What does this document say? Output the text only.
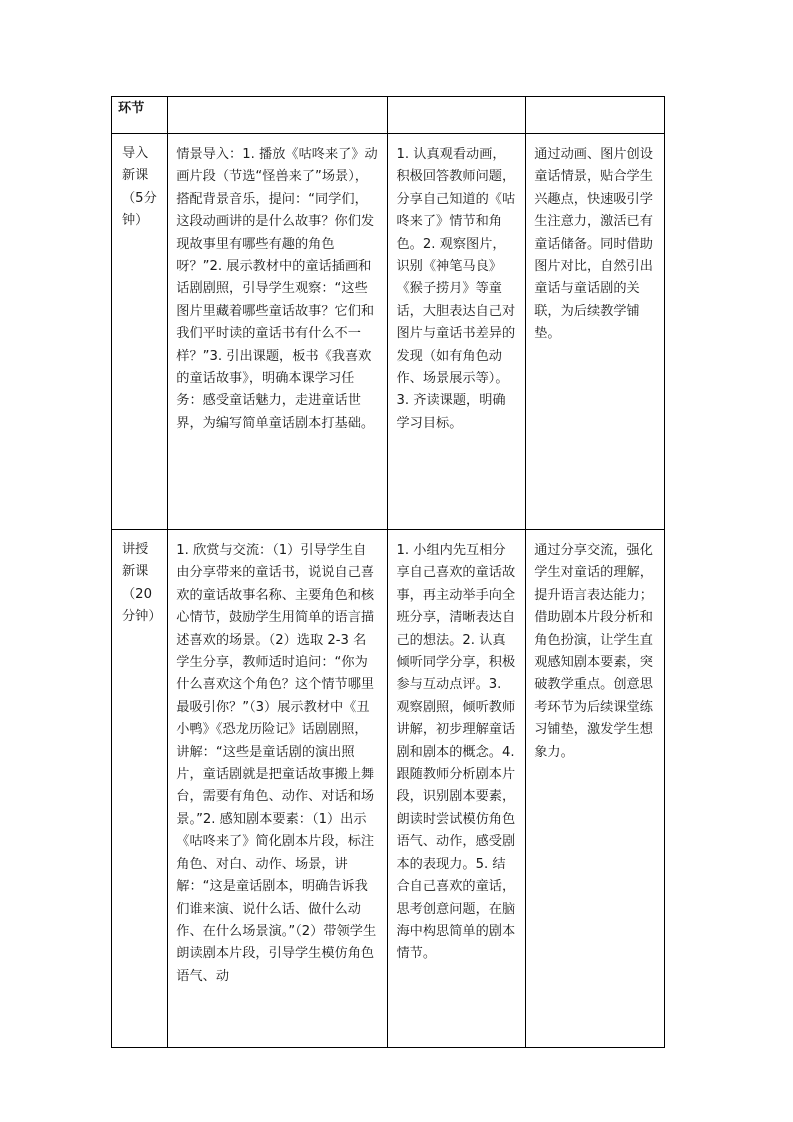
环节			

导入新课（5分钟）	情景导入：1. 播放《咕咚来了》动画片段（节选“怪兽来了”场景），搭配背景音乐，提问：“同学们，这段动画讲的是什么故事？你们发现故事里有哪些有趣的角色呀？”2. 展示教材中的童话插画和话剧剧照，引导学生观察：“这些图片里藏着哪些童话故事？它们和我们平时读的童话书有什么不一样？”3. 引出课题，板书《我喜欢的童话故事》，明确本课学习任务：感受童话魅力，走进童话世界，为编写简单童话剧本打基础。	1. 认真观看动画，积极回答教师问题，分享自己知道的《咕咚来了》情节和角色。2. 观察图片，识别《神笔马良》《猴子捞月》等童话，大胆表达自己对图片与童话书差异的发现（如有角色动作、场景展示等）。3. 齐读课题，明确学习目标。	通过动画、图片创设童话情景，贴合学生兴趣点，快速吸引学生注意力，激活已有童话储备。同时借助图片对比，自然引出童话与童话剧的关联，为后续教学铺垫。

讲授新课（20分钟）	1. 欣赏与交流：（1）引导学生自由分享带来的童话书，说说自己喜欢的童话故事名称、主要角色和核心情节，鼓励学生用简单的语言描述喜欢的场景。（2）选取 2-3 名学生分享，教师适时追问：“你为什么喜欢这个角色？这个情节哪里最吸引你？”（3）展示教材中《丑小鸭》《恐龙历险记》话剧剧照，讲解：“这些是童话剧的演出照片，童话剧就是把童话故事搬上舞台，需要有角色、动作、对话和场景。”2. 感知剧本要素：（1）出示《咕咚来了》简化剧本片段，标注角色、对白、动作、场景，讲解：“这是童话剧本，明确告诉我们谁来演、说什么话、做什么动作、在什么场景演。”（2）带领学生朗读剧本片段，引导学生模仿角色语气、动	1. 小组内先互相分享自己喜欢的童话故事，再主动举手向全班分享，清晰表达自己的想法。2. 认真倾听同学分享，积极参与互动点评。3. 观察剧照，倾听教师讲解，初步理解童话剧和剧本的概念。4. 跟随教师分析剧本片段，识别剧本要素，朗读时尝试模仿角色语气、动作，感受剧本的表现力。5. 结合自己喜欢的童话，思考创意问题，在脑海中构思简单的剧本情节。	通过分享交流，强化学生对童话的理解，提升语言表达能力；借助剧本片段分析和角色扮演，让学生直观感知剧本要素，突破教学重点。创意思考环节为后续课堂练习铺垫，激发学生想象力。
